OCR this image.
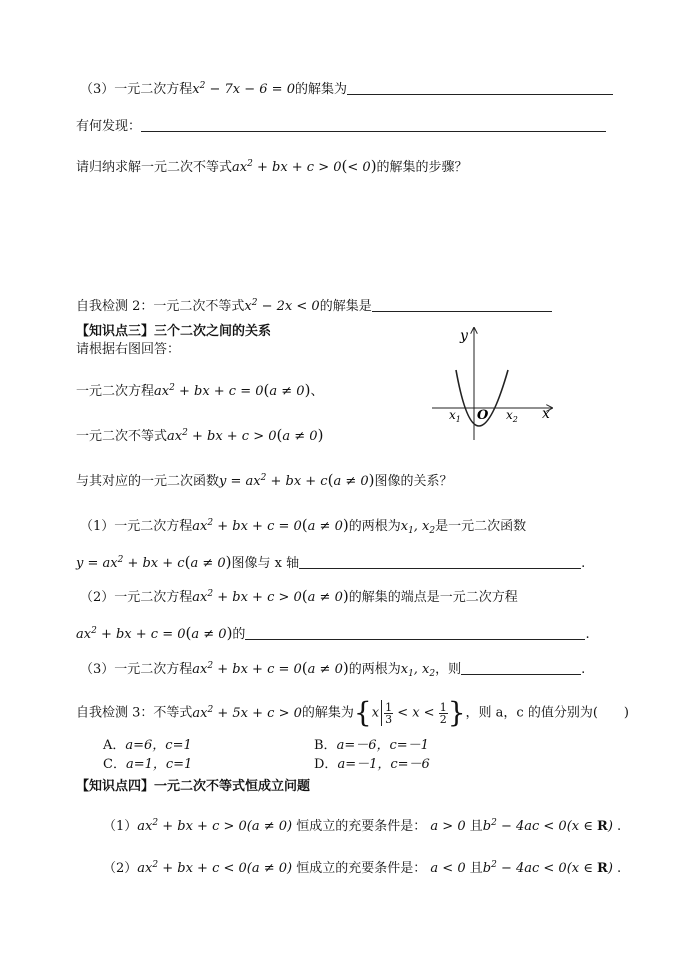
（3）一元二次方程$x^2 - 7x - 6 = 0$的解集为
有何发现：
请归纳求解一元二次不等式$ax^2$ + bx + c > 0(< 0)的解集的步骤？
自我检测 2：一元二次不等式$x^2 - 2x < 0$的解集是
【知识点三】三个二次之间的关系
请根据右图回答：
一元二次方程$ax^2$ + bx + c = 0(a ≠ 0)、
一元二次不等式$ax^2$ + bx + c > 0(a ≠ 0)
y
x
O
$x_1$	$x_2$
与其对应的一元二次函数$y = ax^2$ + bx + c(a ≠ 0)图像的关系？
（1）一元二次方程$ax^2$ + bx + c = 0(a ≠ 0)的两根为$x_1$, $x_2$是一元二次函数
$y = ax^2$ + bx + c(a ≠ 0)图像与 x 轴	.
（2）一元二次方程$ax^2$ + bx + c > 0(a ≠ 0)的解集的端点是一元二次方程
$ax^2$ + bx + c = 0(a ≠ 0)的	.
（3）一元二次方程$ax^2$ + bx + c = 0(a ≠ 0)的两根为$x_1$, $x_2$，则	.
自我检测 3：不等式$ax^2 + 5x + c > 0$的解集为{$x \frac{1}{3} < x < \frac{1}{2}$ }，则 a，c 的值分别为(　　)
A．a=6，c=1	B．a=－6，c=－1
C．a=1，c=1	D．a=－1，c=－6
【知识点四】一元二次不等式恒成立问题
$(1)ax^2$ + bx + c > 0(a ≠ 0) 恒成立的充要条件是： a > 0 且$b^2 - 4ac < 0(x$ ∈ R) .
$(2)ax^2$ + bx + c < 0(a ≠ 0) 恒成立的充要条件是： a < 0 且$b^2 - 4ac < 0(x$ ∈ R) .
